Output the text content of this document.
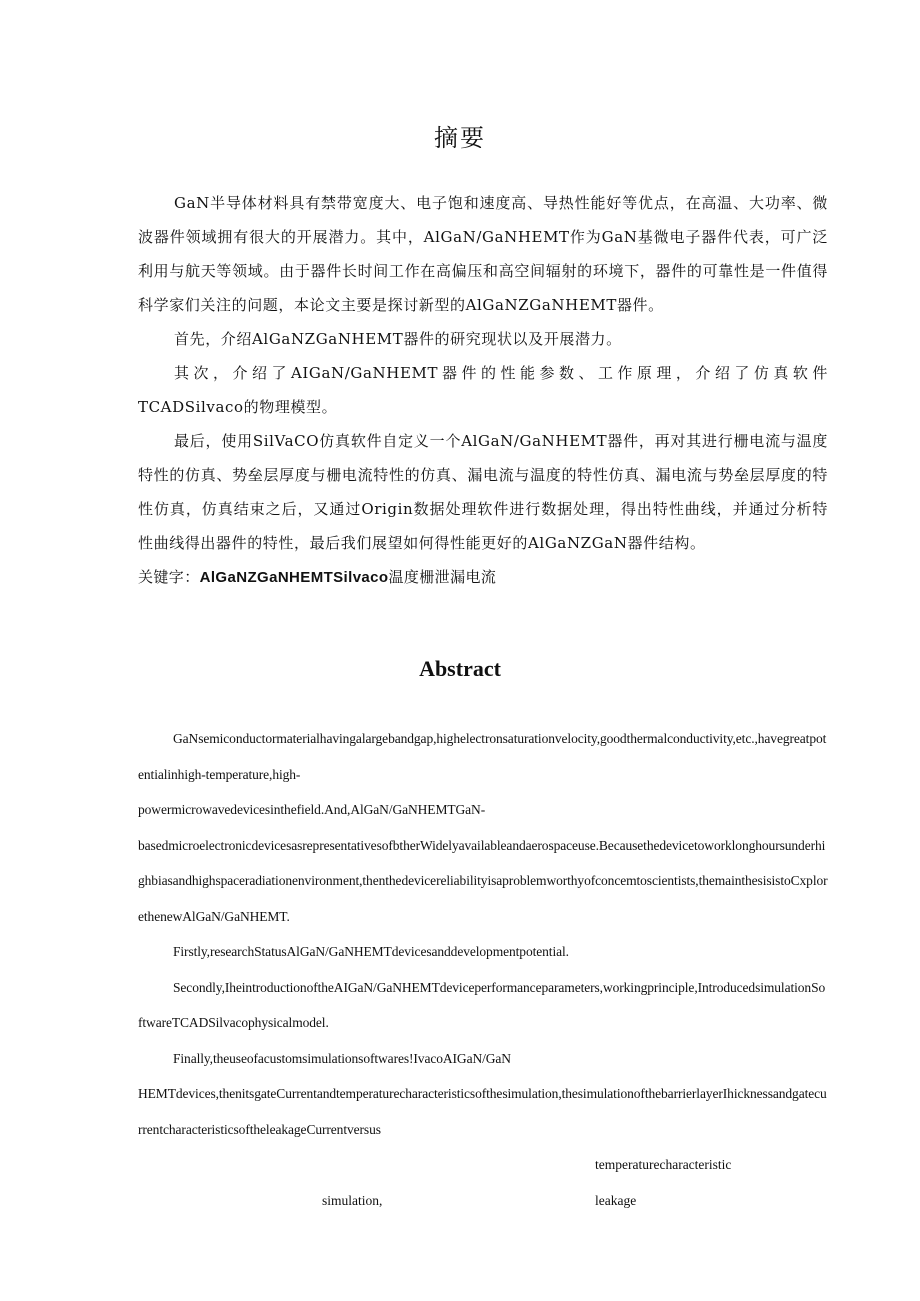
摘要

GaN半导体材料具有禁带宽度大、电子饱和速度高、导热性能好等优点，在高温、大功率、微波器件领域拥有很大的开展潜力。其中，AlGaN/GaNHEMT作为GaN基微电子器件代表，可广泛利用与航天等领域。由于器件长时间工作在高偏压和高空间辐射的环境下，器件的可靠性是一件值得科学家们关注的问题，本论文主要是探讨新型的AlGaNZGaNHEMT器件。

首先，介绍AlGaNZGaNHEMT器件的研究现状以及开展潜力。

其次，介绍了AIGaN/GaNHEMT器件的性能参数、工作原理，介绍了仿真软件TCADSilvaco的物理模型。

最后，使用SilVaCO仿真软件自定义一个AlGaN/GaNHEMT器件，再对其进行栅电流与温度特性的仿真、势垒层厚度与栅电流特性的仿真、漏电流与温度的特性仿真、漏电流与势垒层厚度的特性仿真，仿真结束之后，又通过Origin数据处理软件进行数据处理，得出特性曲线，并通过分析特性曲线得出器件的特性，最后我们展望如何得性能更好的AlGaNZGaN器件结构。

关键字：AlGaNZGaNHEMTSilvaco温度栅泄漏电流

Abstract

GaNsemiconductormaterialhavingalargebandgap,highelectronsaturationvelocity,goodthermalconductivity,etc.,havegreatpotentialinhigh-temperature,high-

powermicrowavedevicesinthefield.And,AlGaN/GaNHEMTGaN-

basedmicroelectronicdevicesasrepresentativesofbtherWidelyavailableandaerospaceuse.Becausethedevicetoworklonghoursunderhighbiasandhighspaceradiationenvironment,thenthedevicereliabilityisaproblemworthyofconcemtoscientists,themainthesisistoCxplorethenewAlGaN/GaNHEMT.

Firstly,researchStatusAlGaN/GaNHEMTdevicesanddevelopmentpotential.

Secondly,IheintroductionoftheAIGaN/GaNHEMTdeviceperformanceparameters,workingprinciple,IntroducedsimulationSoftwareTCADSilvacophysicalmodel.

Finally,theuseofacustomsimulationsoftwares!IvacoAIGaN/GaN

HEMTdevices,thenitsgateCurrentandtemperaturecharacteristicsofthesimulation,thesimulationofthebarrierlayerIhicknessandgatecurrentcharacteristicsoftheleakageCurrentversus

temperaturecharacteristic
simulation,	leakage
